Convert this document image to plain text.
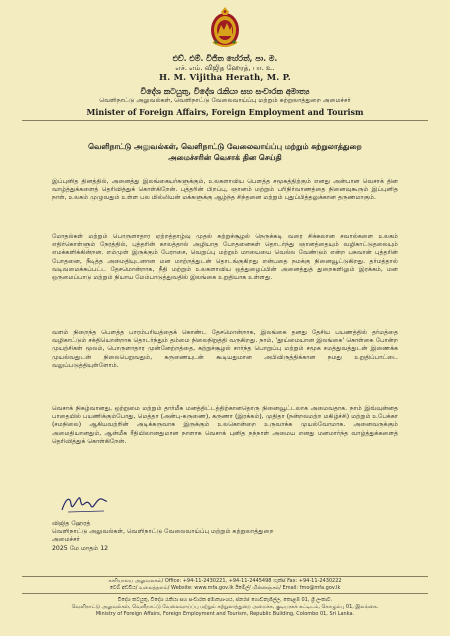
එච්. එම්. විජිත හේරත්, පා. ම.
எச். எம். விஜித ஹேரத், பா. உ.
H. M. Vijitha Herath, M. P.
විදේශ කටයුතු, විදේශ රැකියා සහ සංචාරක අමාත්‍ය
வெளிநாட்டு அலுவல்கள், வெளிநாட்டு வேலைவாய்ப்பு மற்றும் சுற்றுலாத்துறை அமைச்சர்
Minister of Foreign Affairs, Foreign Employment and Tourism
வெளிநாட்டு அலுவல்கள், வெளிநாட்டு வேலைவாய்ப்பு மற்றும் சுற்றுலாத்துறை
அமைச்சரின் வெசாக் தின செய்தி
இப்புனித தினத்தில், அனைத்து இலங்கையர்களுக்கும், உலகளாவிய பௌத்த சமூகத்திற்கும் எனது அன்பான வெசாக் தின வாழ்த்துக்களைத் தெரிவித்துக் கொள்கிறேன். புத்தரின் பிறப்பு, ஞானம் மற்றும் பரிநிர்வாணத்தை நினைவுகூரும் இப்புனித நாள், உலகம் முழுவதும் உள்ள பல மில்லியன் மக்களுக்கு ஆழ்ந்த சிந்தனை மற்றும் புதுப்பித்தலுக்கான தருணமாகும்.
மோதல்கள் மற்றும் பொருளாதார ஏற்றத்தாழ்வு முதல் சுற்றுச்சூழல் நெருக்கடி வரை சிக்கலான சவால்களை உலகம் எதிர்கொள்ளும் நேரத்தில், புத்தரின் காலத்தால் அழியாத போதனைகள் தொடர்ந்து ஞானத்தையும் வழிகாட்டுதலையும் எமக்களிக்கின்றன. எம்முள் இருக்கும் பேராசை, வெறுப்பு மற்றும் மாயையை வெல்ல வேண்டும் என்ற பகவான் புத்தரின் போதனை, நீடித்த அமைதியுடனான மன மாற்றத்துடன் தொடங்குகிறது என்பதை நமக்கு நினைவூட்டுகிறது. தர்மத்தால் வடிவமைக்கப்பட்ட தேசமொன்றாக, நீதி மற்றும் உலகளாவிய ஒத்துழைப்பின் அனைத்துத் துறைகளிலும் இரக்கம், மன ஒருமைப்பாடு மற்றும் நியாய மேம்பாடுத்துவதில் இலங்கை உறுதியாக உள்ளது.
வளம் நிறைந்த பௌத்த பாரம்பரியத்தைக் கொண்ட தேசமொன்றாக, இலங்கை தனது தேசிய பயணத்தில் தர்மத்தை வழிகாட்டும் சக்தியொன்றாக தொடர்ந்தும் தம்மை நிலைநிறுத்தி வருகிறது. நாம், 'தூய்மையான இலங்கை' கொள்கை போன்ற முயற்சிகள் மூலம், பொருளாதார முன்னேற்றத்தை, சுற்றுச்சூழல் சார்ந்த பொறுப்பு மற்றும் சமூக சமத்துவத்துடன் இணைக்க முயல்வதுடன் நிலைபெறுவதும், கருணையுடன் கூடியதுமான அபிவிருத்திக்கான நமது உறுதிப்பாட்டை வலுப்படுத்தியுள்ளோம்.
வெசாக் நிகழ்வானது, ஒற்றுமை மற்றும் தார்மீக மனத்திட்டத்திற்கானதொரு நினைவூட்டலாக அமைவதாக. நாம் இவ்வுன்னத பாதையில் பயணிக்கும்போது, மெத்தா (அன்பு-கருணை), கருணா (இரக்கம்), முதிதா (நன்றலமற்ற மகிழ்ச்சி) மற்றும் உபேக்கா (சமநிலை) ஆகியவற்றின் அடிக்கருவாக இருக்கும் உலகொன்றை உருவாக்க முயல்வோமாக. அனைவருக்கும் அமைதியானதும், ஆன்மீக ரீதியிலானதுமான நாளாக வெசாக் புனித நந்நாள் அமைய எனது மனமார்ந்த வாழ்த்துக்களைத் தெரிவித்துக் கொள்கிறேன்.
விஜித ஹேரத்
வெளிநாட்டு அலுவல்கள், வெளிநாட்டு வேலைவாய்ப்பு மற்றும் சுற்றுலாத்துறை
அமைச்சர்
2025 மே மாதம் 12
காரியாலய அலுவலகம்/ Office: +94-11-2430221, +94-11-2445498 ෆැක්ස් Fax: +94-11-2430222
වෙබ් අඩවිය/ வலைத்தளம்/ Website: www.mfa.gov.lk ඊමේල්/ மின்னஞ்சல்/ Email: fmo@mfa.gov.lk
විදේශ කටයුතු, විදේශ රැකියා සහ සංචාරක අමාත්‍යාංශය, ජනරජ ගොඩනැගිල්ල, කොළඹ 01, ශ්‍රී ලංකාව.
வெளிநாட்டு அலுவல்கள், வெளிநாட்டு வேலைவாய்ப்பு மற்றும் சுற்றுலாத்துறை அமைச்சு, குடியரசுக் கட்டிடம், கொழும்பு 01, இலங்கை.
Ministry of Foreign Affairs, Foreign Employment and Tourism, Republic Building, Colombo 01, Sri Lanka.
